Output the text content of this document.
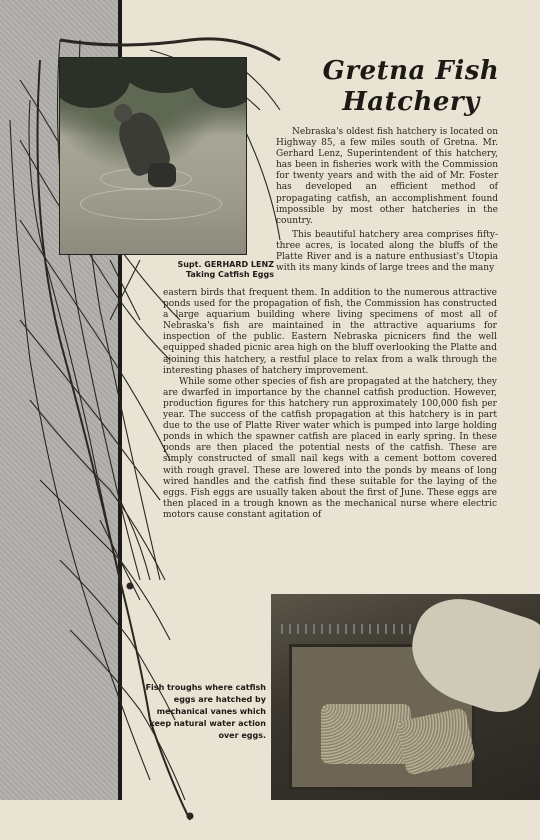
Supt. GERHARD LENZ
Taking Catfish Eggs
Gretna Fish
Hatchery

Nebraska's oldest fish hatchery is located on Highway 85, a few miles south of Gretna. Mr. Gerhard Lenz, Superintendent of this hatchery, has been in fisheries work with the Commission for twenty years and with the aid of Mr. Foster has developed an efficient method of propagating catfish, an accomplishment found impossible by most other hatcheries in the country.

This beautiful hatchery area comprises fifty-three acres, is located along the bluffs of the Platte River and is a nature enthusiast's Utopia with its many kinds of large trees and the many

eastern birds that frequent them. In addition to the numerous attractive ponds used for the propagation of fish, the Commission has constructed a large aquarium building where living specimens of most all of Nebraska's fish are maintained in the attractive aquariums for inspection of the public. Eastern Nebraska picnicers find the well equipped shaded picnic area high on the bluff overlooking the Platte and ajoining this hatchery, a restful place to relax from a walk through the interesting phases of hatchery improvement.

While some other species of fish are propagated at the hatchery, they are dwarfed in importance by the channel catfish production. However, production figures for this hatchery run approximately 100,000 fish per year. The success of the catfish propagation at this hatchery is in part due to the use of Platte River water which is pumped into large holding ponds in which the spawner catfish are placed in early spring. In these ponds are then placed the potential nests of the catfish. These are simply constructed of small nail kegs with a cement bottom covered with rough gravel. These are lowered into the ponds by means of long wired handles and the catfish find these suitable for the laying of the eggs. Fish eggs are usually taken about the first of June. These eggs are then placed in a trough known as the mechanical nurse where electric motors cause constant agitation of

Fish troughs where catfish eggs are hatched by mechanical vanes which keep natural water action over eggs.
